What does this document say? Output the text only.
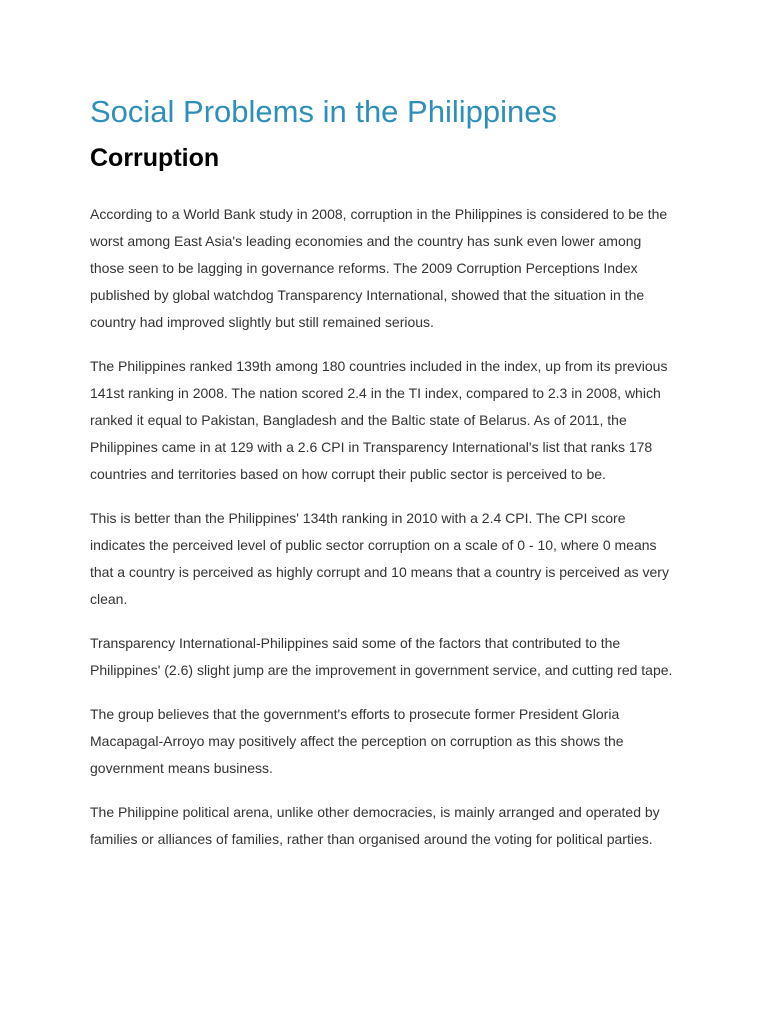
Social Problems in the Philippines
Corruption

According to a World Bank study in 2008, corruption in the Philippines is considered to be the worst among East Asia's leading economies and the country has sunk even lower among those seen to be lagging in governance reforms. The 2009 Corruption Perceptions Index published by global watchdog Transparency International, showed that the situation in the country had improved slightly but still remained serious.

The Philippines ranked 139th among 180 countries included in the index, up from its previous 141st ranking in 2008. The nation scored 2.4 in the TI index, compared to 2.3 in 2008, which ranked it equal to Pakistan, Bangladesh and the Baltic state of Belarus. As of 2011, the Philippines came in at 129 with a 2.6 CPI in Transparency International's list that ranks 178 countries and territories based on how corrupt their public sector is perceived to be.

This is better than the Philippines' 134th ranking in 2010 with a 2.4 CPI. The CPI score indicates the perceived level of public sector corruption on a scale of 0 - 10, where 0 means that a country is perceived as highly corrupt and 10 means that a country is perceived as very clean.

Transparency International-Philippines said some of the factors that contributed to the Philippines' (2.6) slight jump are the improvement in government service, and cutting red tape.

The group believes that the government's efforts to prosecute former President Gloria Macapagal-Arroyo may positively affect the perception on corruption as this shows the government means business.

The Philippine political arena, unlike other democracies, is mainly arranged and operated by families or alliances of families, rather than organised around the voting for political parties.
